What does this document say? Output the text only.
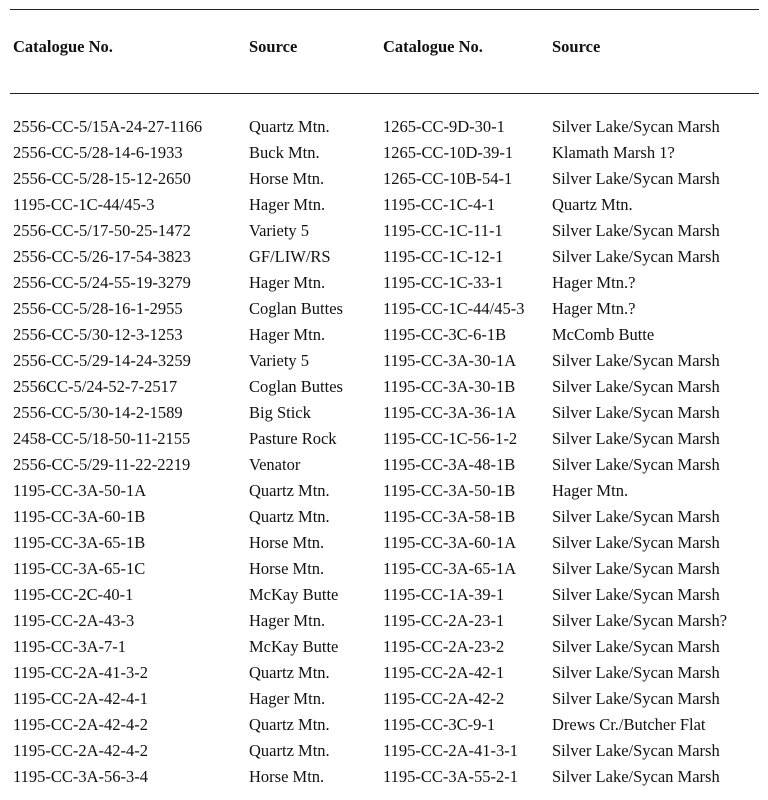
Catalogue No.	Source	Catalogue No.	Source
2556-CC-5/15A-24-27-1166	Quartz Mtn.	1265-CC-9D-30-1	Silver Lake/Sycan Marsh
2556-CC-5/28-14-6-1933	Buck Mtn.	1265-CC-10D-39-1 Klamath Marsh 1?
2556-CC-5/28-15-12-2650	Horse Mtn.	1265-CC-10B-54-1 Silver Lake/Sycan Marsh
1195-CC-1C-44/45-3	Hager Mtn.	1195-CC-1C-4-1	Quartz Mtn.
2556-CC-5/17-50-25-1472	Variety 5	1195-CC-1C-11-1	Silver Lake/Sycan Marsh
2556-CC-5/26-17-54-3823	GF/LIW/RS	1195-CC-1C-12-1	Silver Lake/Sycan Marsh
2556-CC-5/24-55-19-3279	Hager Mtn.	1195-CC-1C-33-1	Hager Mtn.?
2556-CC-5/28-16-1-2955	Coglan Buttes 1195-CC-1C-44/45-3 Hager Mtn.?
2556-CC-5/30-12-3-1253	Hager Mtn.	1195-CC-3C-6-1B	McComb Butte
2556-CC-5/29-14-24-3259	Variety 5	1195-CC-3A-30-1A Silver Lake/Sycan Marsh
2556CC-5/24-52-7-2517	Coglan Buttes 1195-CC-3A-30-1B Silver Lake/Sycan Marsh
2556-CC-5/30-14-2-1589	Big Stick	1195-CC-3A-36-1A Silver Lake/Sycan Marsh
2458-CC-5/18-50-11-2155	Pasture Rock	1195-CC-1C-56-1-2 Silver Lake/Sycan Marsh
2556-CC-5/29-11-22-2219	Venator	1195-CC-3A-48-1B Silver Lake/Sycan Marsh
1195-CC-3A-50-1A	Quartz Mtn.	1195-CC-3A-50-1B Hager Mtn.
1195-CC-3A-60-1B	Quartz Mtn.	1195-CC-3A-58-1B Silver Lake/Sycan Marsh
1195-CC-3A-65-1B	Horse Mtn.	1195-CC-3A-60-1A Silver Lake/Sycan Marsh
1195-CC-3A-65-1C	Horse Mtn.	1195-CC-3A-65-1A Silver Lake/Sycan Marsh
1195-CC-2C-40-1	McKay Butte	1195-CC-1A-39-1	Silver Lake/Sycan Marsh
1195-CC-2A-43-3	Hager Mtn.	1195-CC-2A-23-1	Silver Lake/Sycan Marsh?
1195-CC-3A-7-1	McKay Butte	1195-CC-2A-23-2	Silver Lake/Sycan Marsh
1195-CC-2A-41-3-2	Quartz Mtn.	1195-CC-2A-42-1	Silver Lake/Sycan Marsh
1195-CC-2A-42-4-1	Hager Mtn.	1195-CC-2A-42-2	Silver Lake/Sycan Marsh
1195-CC-2A-42-4-2	Quartz Mtn.	1195-CC-3C-9-1	Drews Cr./Butcher Flat
1195-CC-2A-42-4-2	Quartz Mtn.	1195-CC-2A-41-3-1 Silver Lake/Sycan Marsh
1195-CC-3A-56-3-4	Horse Mtn.	1195-CC-3A-55-2-1 Silver Lake/Sycan Marsh
